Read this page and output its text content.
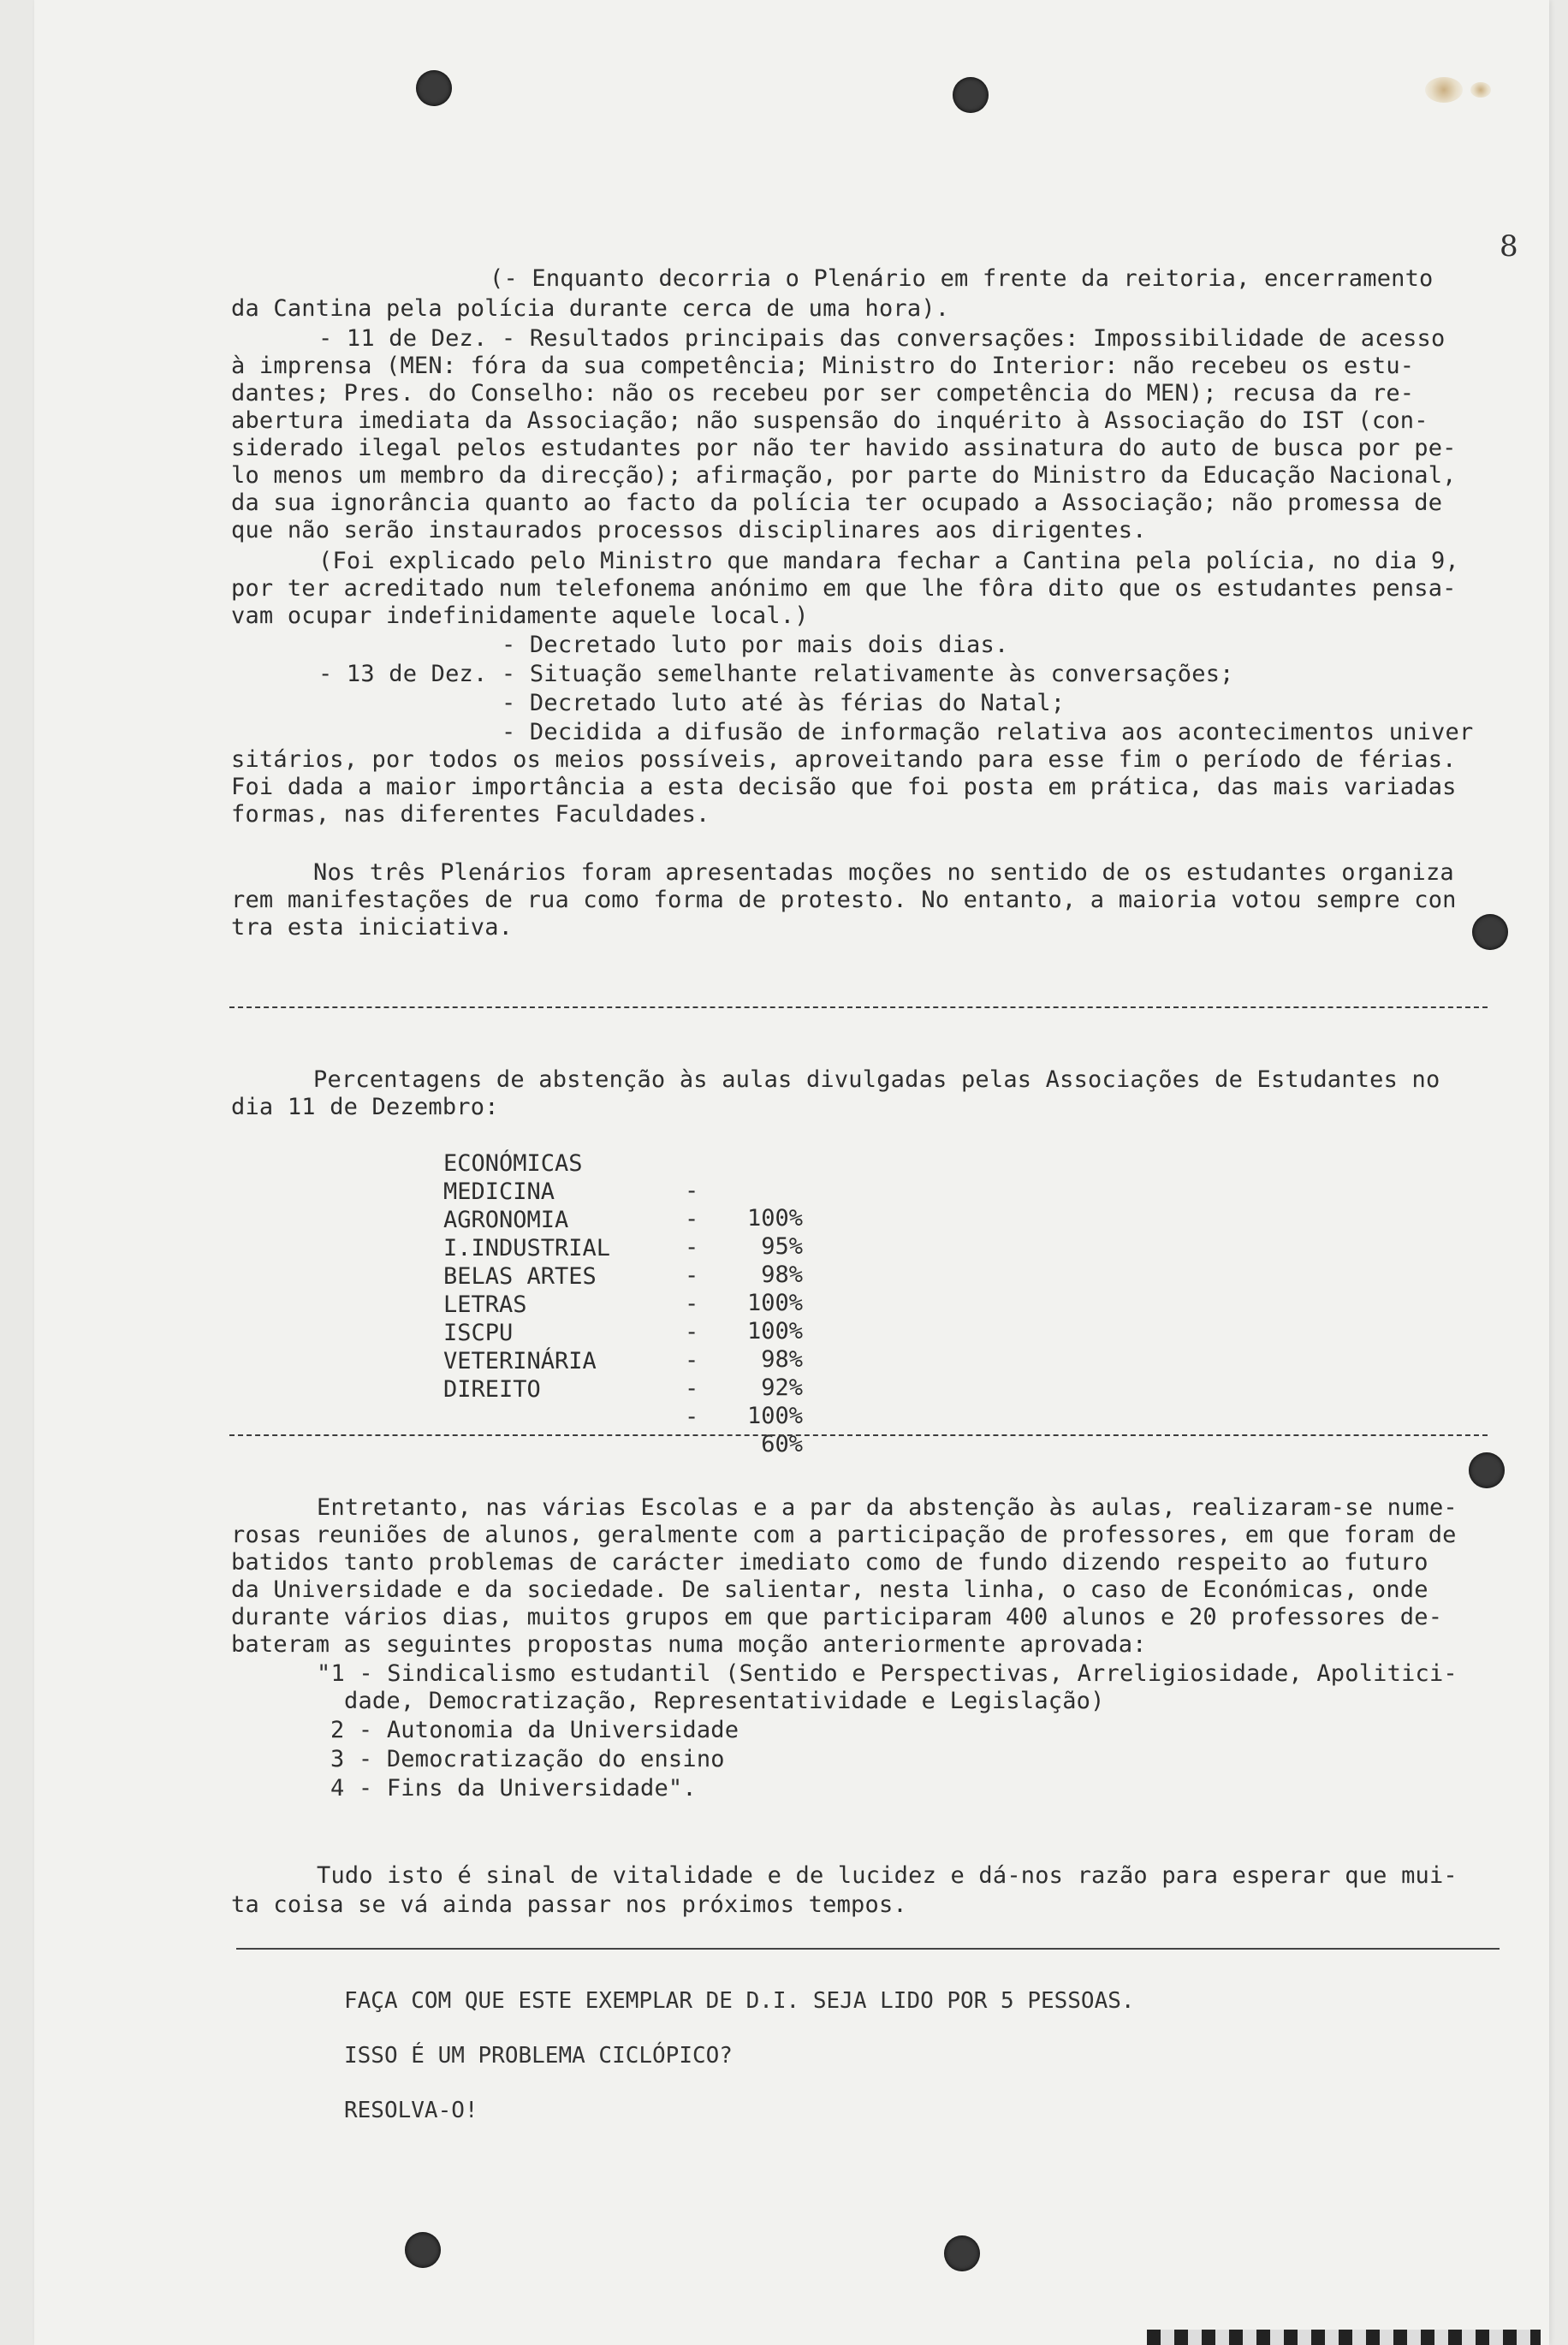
8
(- Enquanto decorria o Plenário em frente da reitoria, encerramento
da Cantina pela polícia durante cerca de uma hora).
- 11 de Dez. - Resultados principais das conversações: Impossibilidade de acesso
à imprensa (MEN: fóra da sua competência; Ministro do Interior: não recebeu os estu-
dantes; Pres. do Conselho: não os recebeu por ser competência do MEN); recusa da re-
abertura imediata da Associação; não suspensão do inquérito à Associação do IST (con-
siderado ilegal pelos estudantes por não ter havido assinatura do auto de busca por pe-
lo menos um membro da direcção); afirmação, por parte do Ministro da Educação Nacional,
da sua ignorância quanto ao facto da polícia ter ocupado a Associação; não promessa de
que não serão instaurados processos disciplinares aos dirigentes.
(Foi explicado pelo Ministro que mandara fechar a Cantina pela polícia, no dia 9,
por ter acreditado num telefonema anónimo em que lhe fôra dito que os estudantes pensa-
vam ocupar indefinidamente aquele local.)
- Decretado luto por mais dois dias.
- 13 de Dez. - Situação semelhante relativamente às conversações;
- Decretado luto até às férias do Natal;
- Decidida a difusão de informação relativa aos acontecimentos univer
sitários, por todos os meios possíveis, aproveitando para esse fim o período de férias.
Foi dada a maior importância a esta decisão que foi posta em prática, das mais variadas
formas, nas diferentes Faculdades.
Nos três Plenários foram apresentadas moções no sentido de os estudantes organiza
rem manifestações de rua como forma de protesto. No entanto, a maioria votou sempre con
tra esta iniciativa.
Percentagens de abstenção às aulas divulgadas pelas Associações de Estudantes no
dia 11 de Dezembro:

ECONÓMICAS

-

100%

MEDICINA

-

95%

AGRONOMIA

-

98%

I.INDUSTRIAL

-

100%

BELAS ARTES

-

100%

LETRAS

-

98%

ISCPU

-

92%

VETERINÁRIA

-

100%

DIREITO

-

60%

Entretanto, nas várias Escolas e a par da abstenção às aulas, realizaram-se nume-
rosas reuniões de alunos, geralmente com a participação de professores, em que foram de
batidos tanto problemas de carácter imediato como de fundo dizendo respeito ao futuro
da Universidade e da sociedade. De salientar, nesta linha, o caso de Económicas, onde
durante vários dias, muitos grupos em que participaram 400 alunos e 20 professores de-
bateram as seguintes propostas numa moção anteriormente aprovada:
"1 - Sindicalismo estudantil (Sentido e Perspectivas, Arreligiosidade, Apolitici-
dade, Democratização, Representatividade e Legislação)
2 - Autonomia da Universidade
3 - Democratização do ensino
4 - Fins da Universidade".
Tudo isto é sinal de vitalidade e de lucidez e dá-nos razão para esperar que mui-
ta coisa se vá ainda passar nos próximos tempos.
FAÇA COM QUE ESTE EXEMPLAR DE D.I. SEJA LIDO POR 5 PESSOAS.
ISSO É UM PROBLEMA CICLÓPICO?
RESOLVA-O!
